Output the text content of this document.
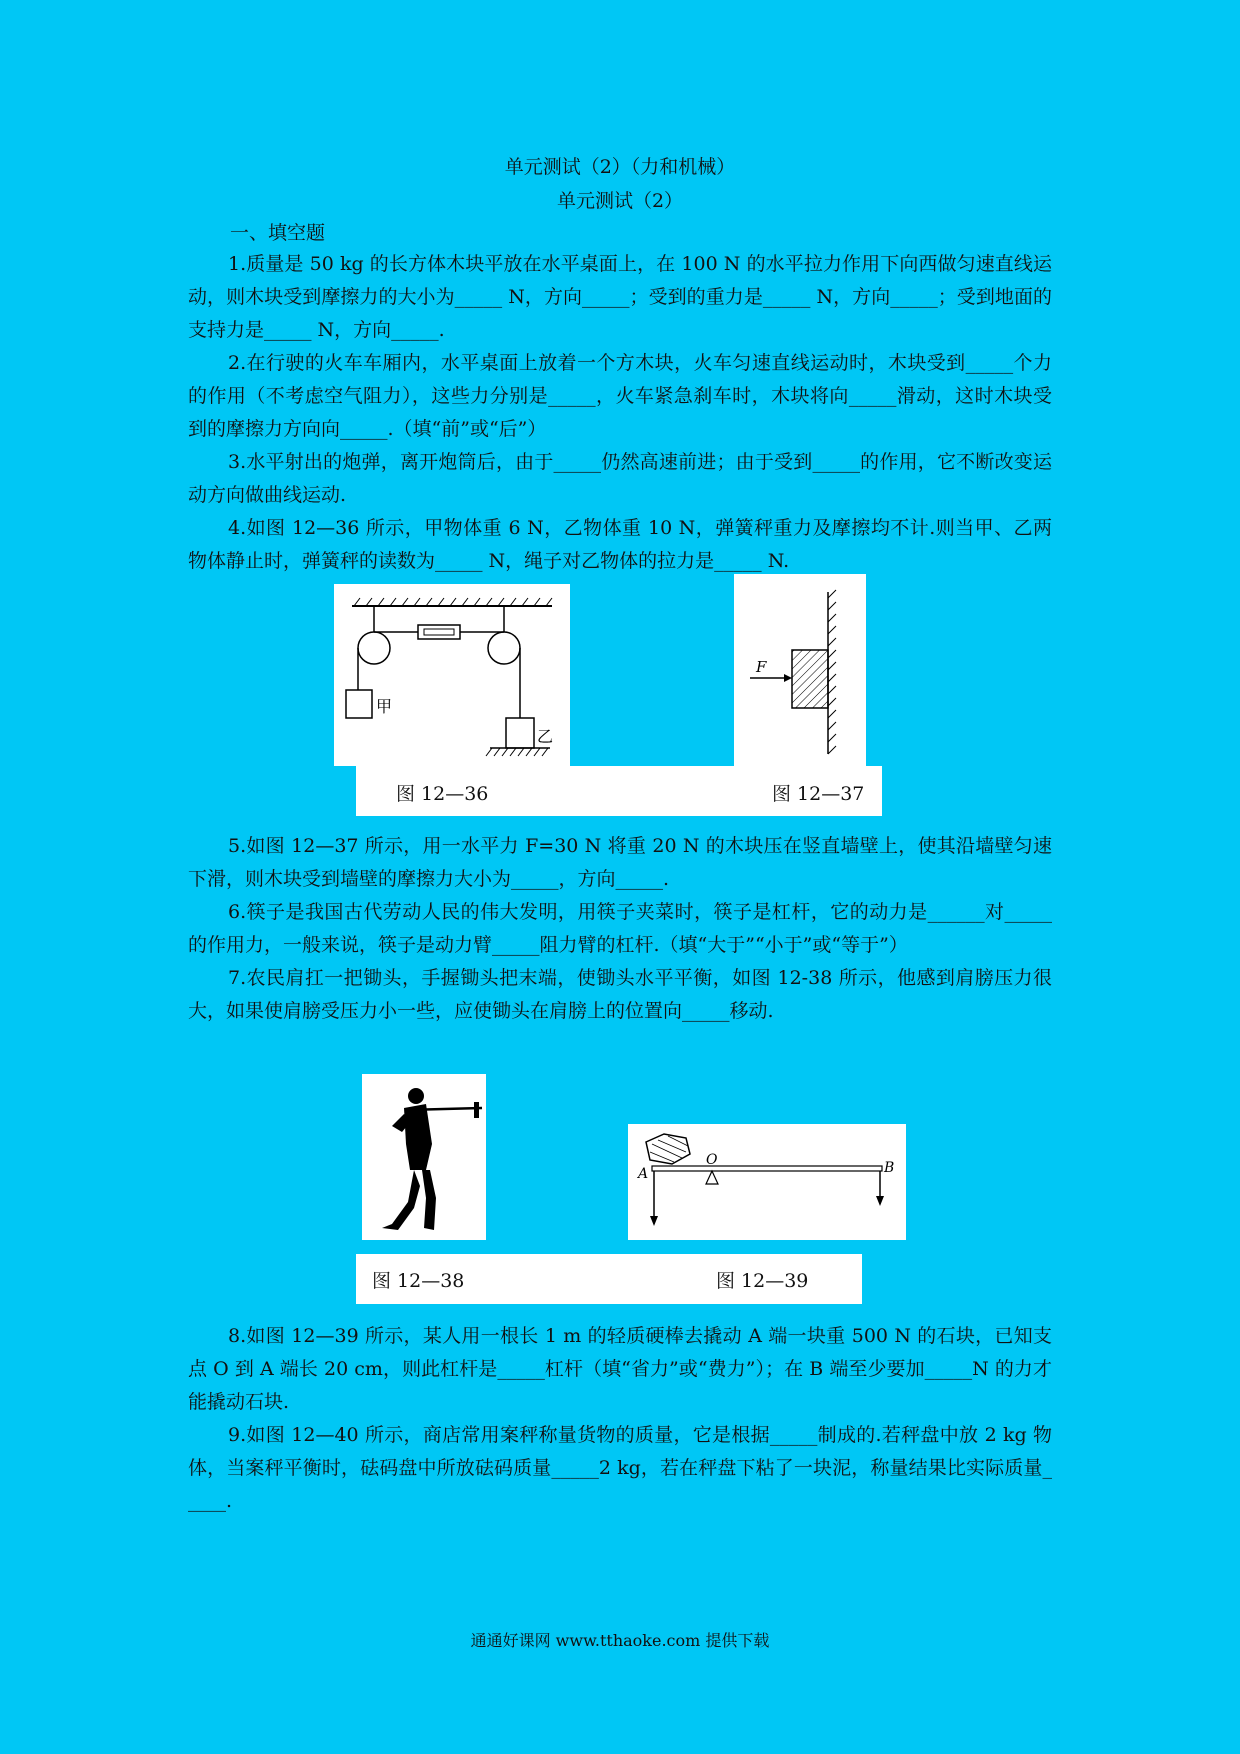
单元测试（2）（力和机械）
单元测试（2）
一、填空题

1.质量是 50 kg 的长方体木块平放在水平桌面上，在 100 N 的水平拉力作用下向西做匀速直线运动，则木块受到摩擦力的大小为_____ N，方向_____；受到的重力是_____ N，方向_____；受到地面的支持力是_____ N，方向_____.

2.在行驶的火车车厢内，水平桌面上放着一个方木块，火车匀速直线运动时，木块受到_____个力的作用（不考虑空气阻力），这些力分别是_____，火车紧急刹车时，木块将向_____滑动，这时木块受到的摩擦力方向向_____.（填“前”或“后”）

3.水平射出的炮弹，离开炮筒后，由于_____仍然高速前进；由于受到_____的作用，它不断改变运动方向做曲线运动.

4.如图 12—36 所示，甲物体重 6 N，乙物体重 10 N，弹簧秤重力及摩擦均不计.则当甲、乙两物体静止时，弹簧秤的读数为_____ N，绳子对乙物体的拉力是_____ N.

甲
乙
F
图 12—36	图 12—37

5.如图 12—37 所示，用一水平力 F=30 N 将重 20 N 的木块压在竖直墙壁上，使其沿墙壁匀速下滑，则木块受到墙壁的摩擦力大小为_____，方向_____.

6.筷子是我国古代劳动人民的伟大发明，用筷子夹菜时，筷子是杠杆，它的动力是______对_____的作用力，一般来说，筷子是动力臂_____阻力臂的杠杆.（填“大于”“小于”或“等于”）

7.农民肩扛一把锄头，手握锄头把末端，使锄头水平平衡，如图 12-38 所示，他感到肩膀压力很大，如果使肩膀受压力小一些，应使锄头在肩膀上的位置向_____移动.

A
O	B
图 12—38	图 12—39

8.如图 12—39 所示，某人用一根长 1 m 的轻质硬棒去撬动 A 端一块重 500 N 的石块，已知支点 O 到 A 端长 20 cm，则此杠杆是_____杠杆（填“省力”或“费力”）；在 B 端至少要加_____N 的力才能撬动石块.

9.如图 12—40 所示，商店常用案秤称量货物的质量，它是根据_____制成的.若秤盘中放 2 kg 物体，当案秤平衡时，砝码盘中所放砝码质量_____2 kg，若在秤盘下粘了一块泥，称量结果比实际质量_____.

通通好课网 www.tthaoke.com 提供下载
